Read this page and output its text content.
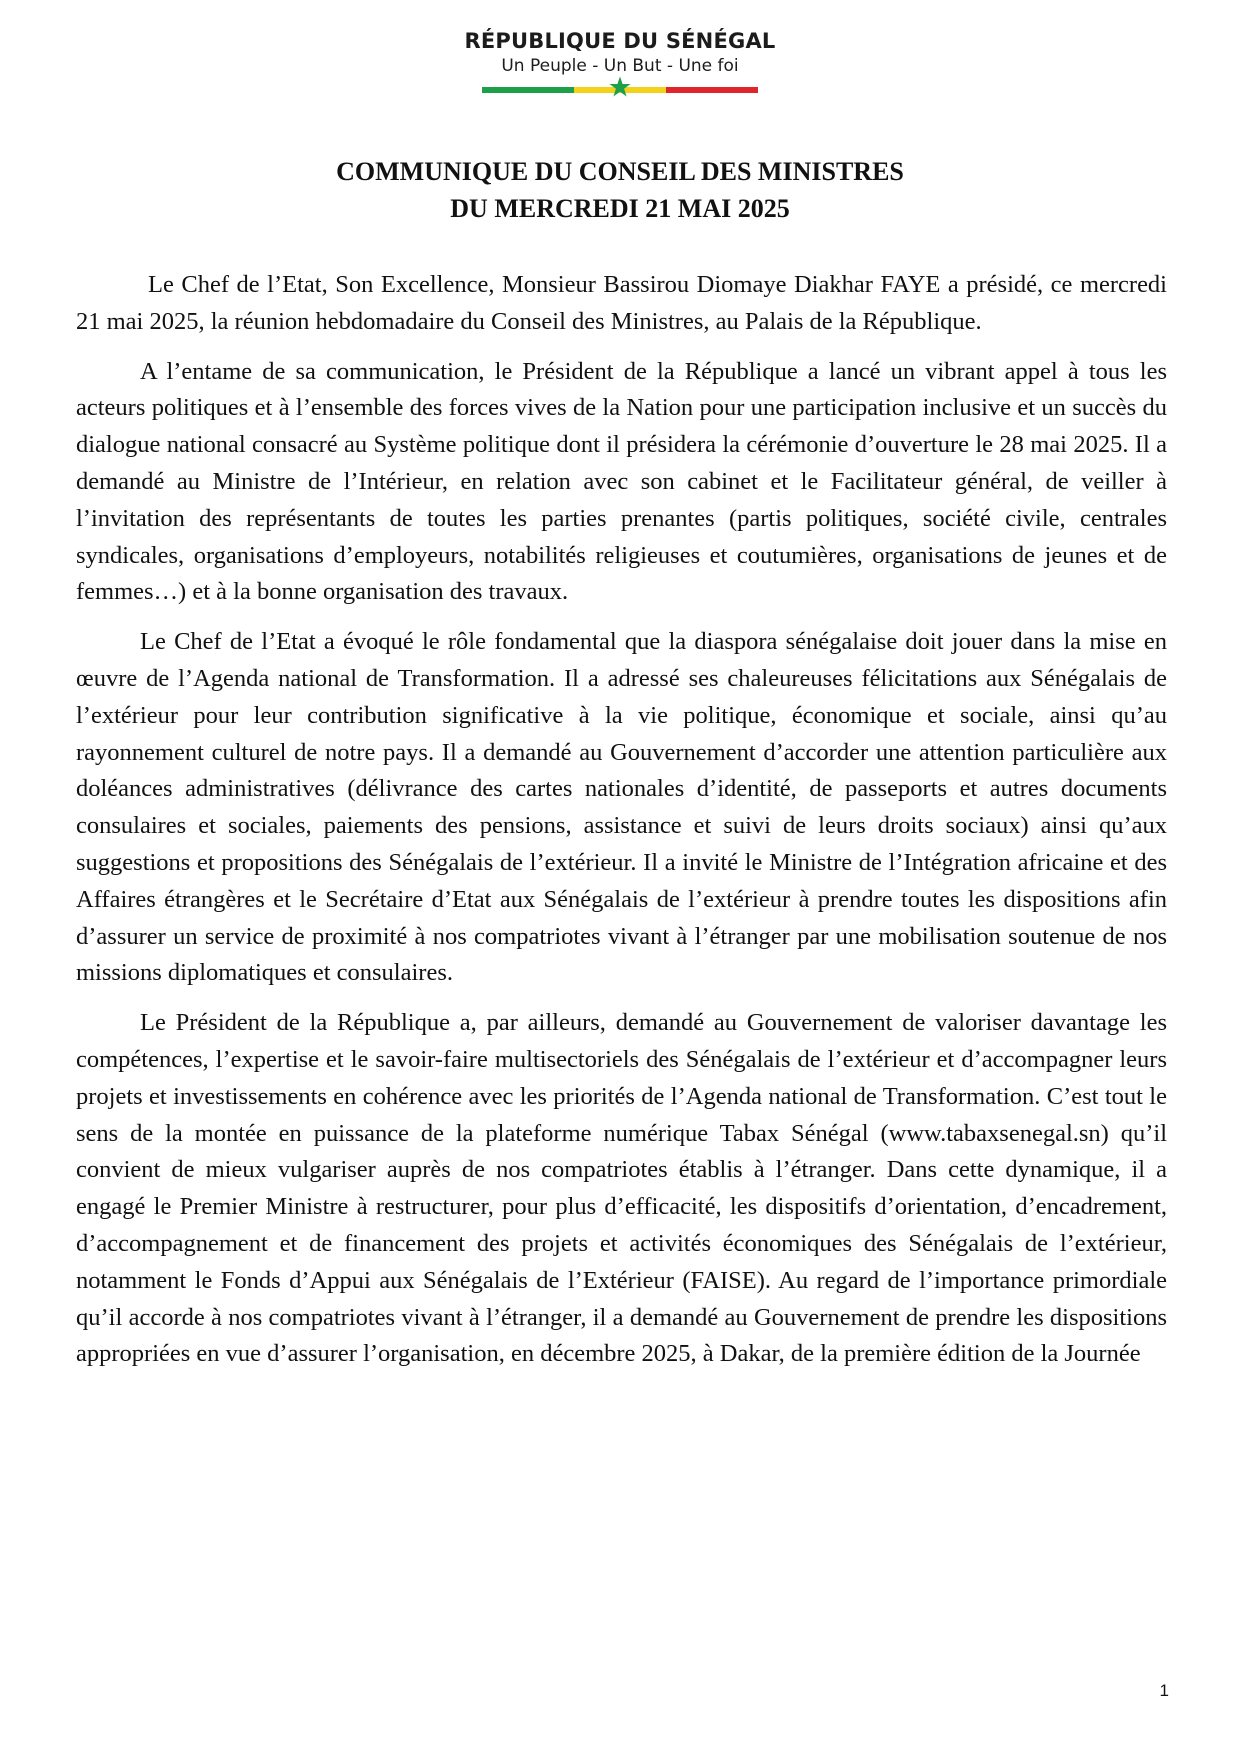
RÉPUBLIQUE DU SÉNÉGAL
Un Peuple - Un But - Une foi
COMMUNIQUE DU CONSEIL DES MINISTRES
DU MERCREDI 21 MAI 2025

Le Chef de l’Etat, Son Excellence, Monsieur Bassirou Diomaye Diakhar FAYE a présidé, ce mercredi 21 mai 2025, la réunion hebdomadaire du Conseil des Ministres, au Palais de la République.

A l’entame de sa communication, le Président de la République a lancé un vibrant appel à tous les acteurs politiques et à l’ensemble des forces vives de la Nation pour une participation inclusive et un succès du dialogue national consacré au Système politique dont il présidera la cérémonie d’ouverture le 28 mai 2025. Il a demandé au Ministre de l’Intérieur, en relation avec son cabinet et le Facilitateur général, de veiller à l’invitation des représentants de toutes les parties prenantes (partis politiques, société civile, centrales syndicales, organisations d’employeurs, notabilités religieuses et coutumières, organisations de jeunes et de femmes…) et à la bonne organisation des travaux.

Le Chef de l’Etat a évoqué le rôle fondamental que la diaspora sénégalaise doit jouer dans la mise en œuvre de l’Agenda national de Transformation. Il a adressé ses chaleureuses félicitations aux Sénégalais de l’extérieur pour leur contribution significative à la vie politique, économique et sociale, ainsi qu’au rayonnement culturel de notre pays. Il a demandé au Gouvernement d’accorder une attention particulière aux doléances administratives (délivrance des cartes nationales d’identité, de passeports et autres documents consulaires et sociales, paiements des pensions, assistance et suivi de leurs droits sociaux) ainsi qu’aux suggestions et propositions des Sénégalais de l’extérieur. Il a invité le Ministre de l’Intégration africaine et des Affaires étrangères et le Secrétaire d’Etat aux Sénégalais de l’extérieur à prendre toutes les dispositions afin d’assurer un service de proximité à nos compatriotes vivant à l’étranger par une mobilisation soutenue de nos missions diplomatiques et consulaires.

Le Président de la République a, par ailleurs, demandé au Gouvernement de valoriser davantage les compétences, l’expertise et le savoir-faire multisectoriels des Sénégalais de l’extérieur et d’accompagner leurs projets et investissements en cohérence avec les priorités de l’Agenda national de Transformation. C’est tout le sens de la montée en puissance de la plateforme numérique Tabax Sénégal (www.tabaxsenegal.sn) qu’il convient de mieux vulgariser auprès de nos compatriotes établis à l’étranger. Dans cette dynamique, il a engagé le Premier Ministre à restructurer, pour plus d’efficacité, les dispositifs d’orientation, d’encadrement, d’accompagnement et de financement des projets et activités économiques des Sénégalais de l’extérieur, notamment le Fonds d’Appui aux Sénégalais de l’Extérieur (FAISE). Au regard de l’importance primordiale qu’il accorde à nos compatriotes vivant à l’étranger, il a demandé au Gouvernement de prendre les dispositions appropriées en vue d’assurer l’organisation, en décembre 2025, à Dakar, de la première édition de la Journée

1
